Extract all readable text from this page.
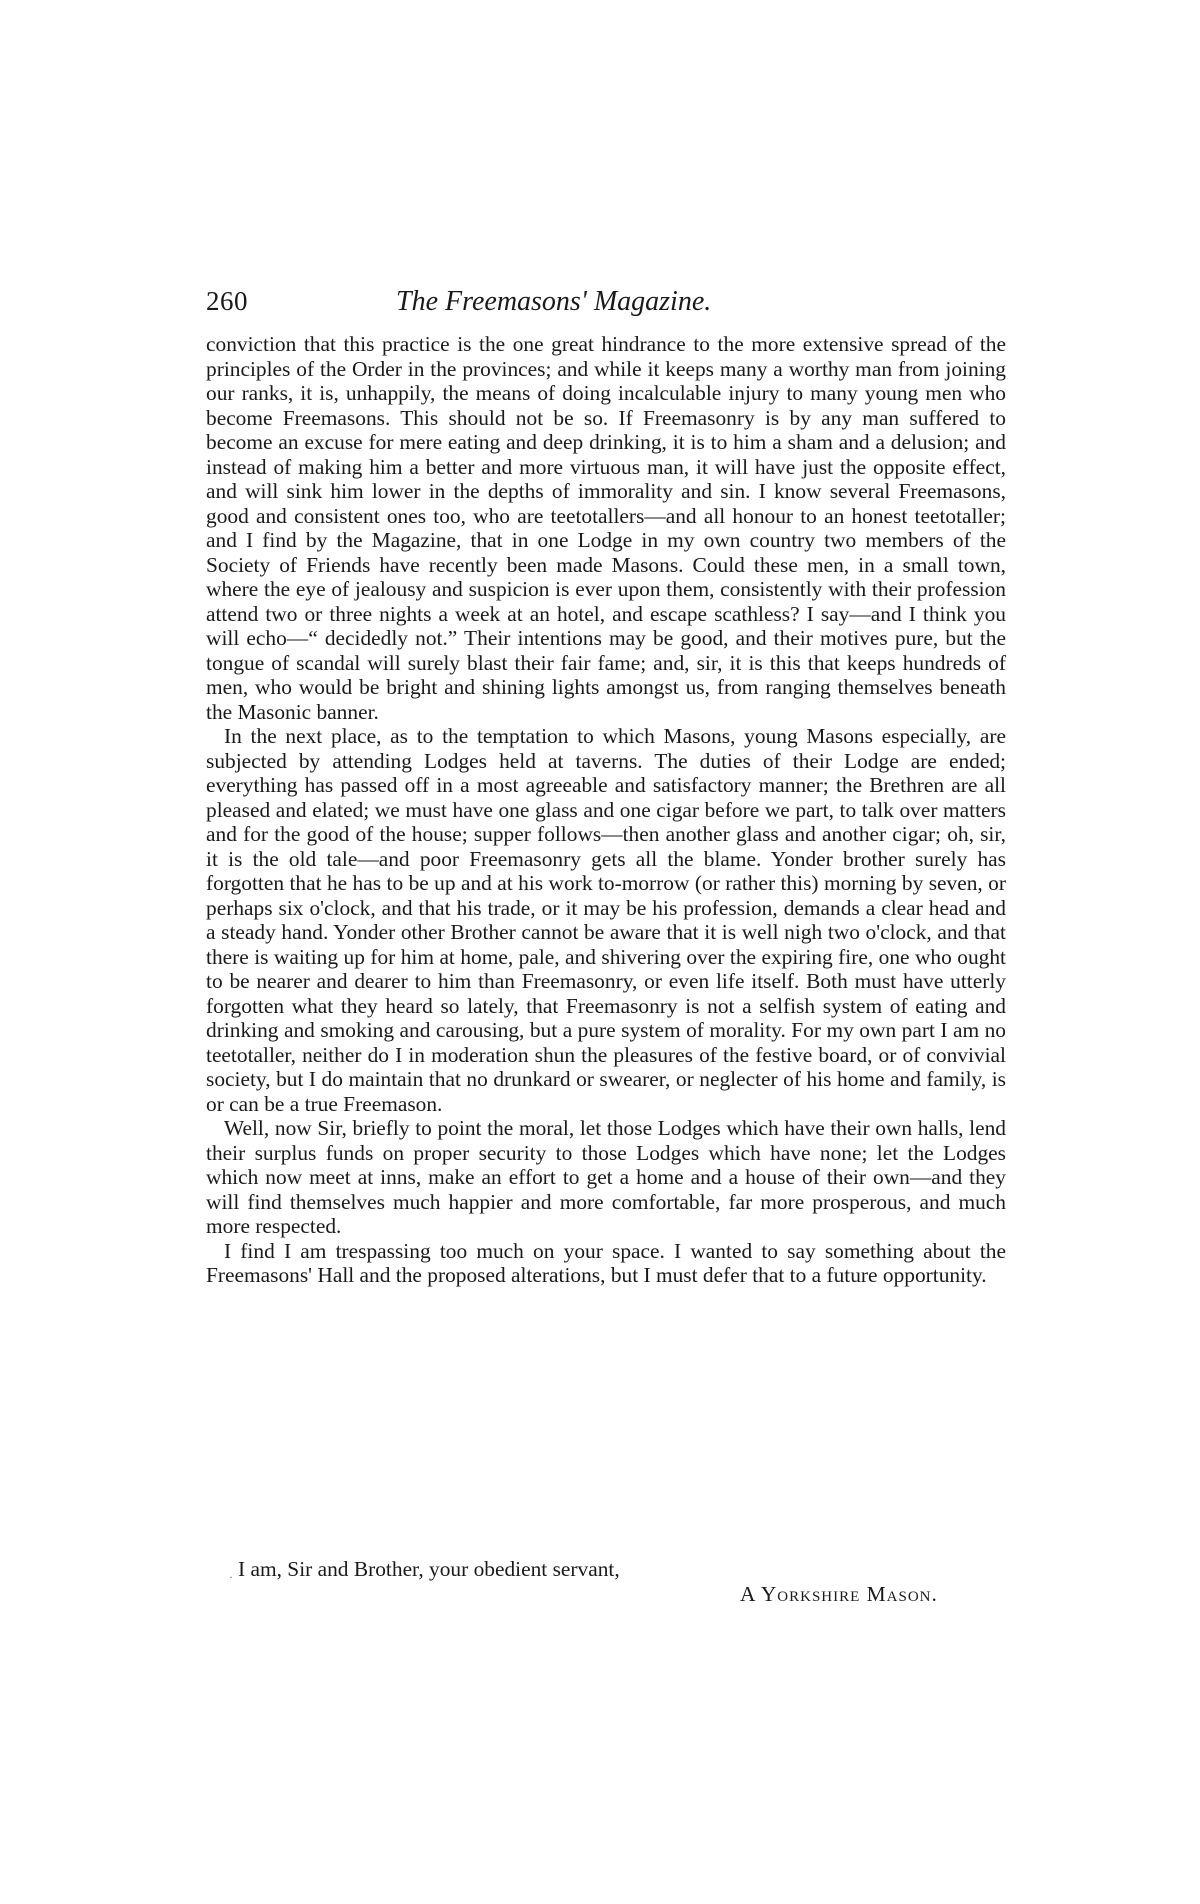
260	The Freemasons' Magazine.

conviction that this practice is the one great hindrance to the more extensive spread of the principles of the Order in the provinces; and while it keeps many a worthy man from joining our ranks, it is, unhappily, the means of doing incalculable injury to many young men who become Freemasons. This should not be so. If Freemasonry is by any man suffered to become an excuse for mere eating and deep drinking, it is to him a sham and a delusion; and instead of making him a better and more virtuous man, it will have just the opposite effect, and will sink him lower in the depths of immorality and sin. I know several Freemasons, good and consistent ones too, who are teetotallers—and all honour to an honest teetotaller; and I find by the Magazine, that in one Lodge in my own country two members of the Society of Friends have recently been made Masons. Could these men, in a small town, where the eye of jealousy and suspicion is ever upon them, consistently with their profession attend two or three nights a week at an hotel, and escape scathless? I say—and I think you will echo—“ decidedly not.” Their intentions may be good, and their motives pure, but the tongue of scandal will surely blast their fair fame; and, sir, it is this that keeps hundreds of men, who would be bright and shining lights amongst us, from ranging themselves beneath the Masonic banner.

In the next place, as to the temptation to which Masons, young Masons especially, are subjected by attending Lodges held at taverns. The duties of their Lodge are ended; everything has passed off in a most agreeable and satisfactory manner; the Brethren are all pleased and elated; we must have one glass and one cigar before we part, to talk over matters and for the good of the house; supper follows—then another glass and another cigar; oh, sir, it is the old tale—and poor Freemasonry gets all the blame. Yonder brother surely has forgotten that he has to be up and at his work to-morrow (or rather this) morning by seven, or perhaps six o'clock, and that his trade, or it may be his profession, demands a clear head and a steady hand. Yonder other Brother cannot be aware that it is well nigh two o'clock, and that there is waiting up for him at home, pale, and shivering over the expiring fire, one who ought to be nearer and dearer to him than Freemasonry, or even life itself. Both must have utterly forgotten what they heard so lately, that Freemasonry is not a selfish system of eating and drinking and smoking and carousing, but a pure system of morality. For my own part I am no teetotaller, neither do I in moderation shun the pleasures of the festive board, or of convivial society, but I do maintain that no drunkard or swearer, or neglecter of his home and family, is or can be a true Freemason.

Well, now Sir, briefly to point the moral, let those Lodges which have their own halls, lend their surplus funds on proper security to those Lodges which have none; let the Lodges which now meet at inns, make an effort to get a home and a house of their own—and they will find themselves much happier and more comfortable, far more prosperous, and much more respected.

I find I am trespassing too much on your space. I wanted to say something about the Freemasons' Hall and the proposed alterations, but I must defer that to a future opportunity.

· I am, Sir and Brother, your obedient servant,
A Yorkshire Mason.
